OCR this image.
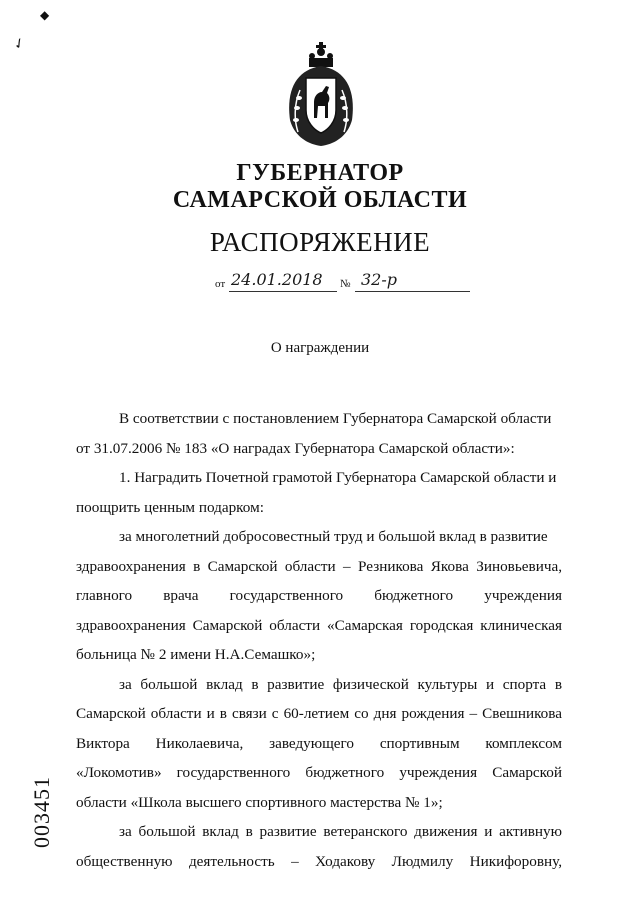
◆
✓
ГУБЕРНАТОР
САМАРСКОЙ ОБЛАСТИ
РАСПОРЯЖЕНИЕ
от 24.01.2018 № 32-р
О награждении
В соответствии с постановлением Губернатора Самарской области
от 31.07.2006 № 183 «О наградах Губернатора Самарской области»:
1. Наградить Почетной грамотой Губернатора Самарской области и
поощрить ценным подарком:
за многолетний добросовестный труд и большой вклад в развитие
здравоохранения в Самарской области – Резникова Якова Зиновьевича,
главного врача государственного бюджетного учреждения
здравоохранения Самарской области «Самарская городская клиническая
больница № 2 имени Н.А.Семашко»;
за большой вклад в развитие физической культуры и спорта в
Самарской области и в связи с 60-летием со дня рождения – Свешникова
Виктора Николаевича, заведующего спортивным комплексом
«Локомотив» государственного бюджетного учреждения Самарской
области «Школа высшего спортивного мастерства № 1»;
за большой вклад в развитие ветеранского движения и активную
общественную деятельность – Ходакову Людмилу Никифоровну,
003451
